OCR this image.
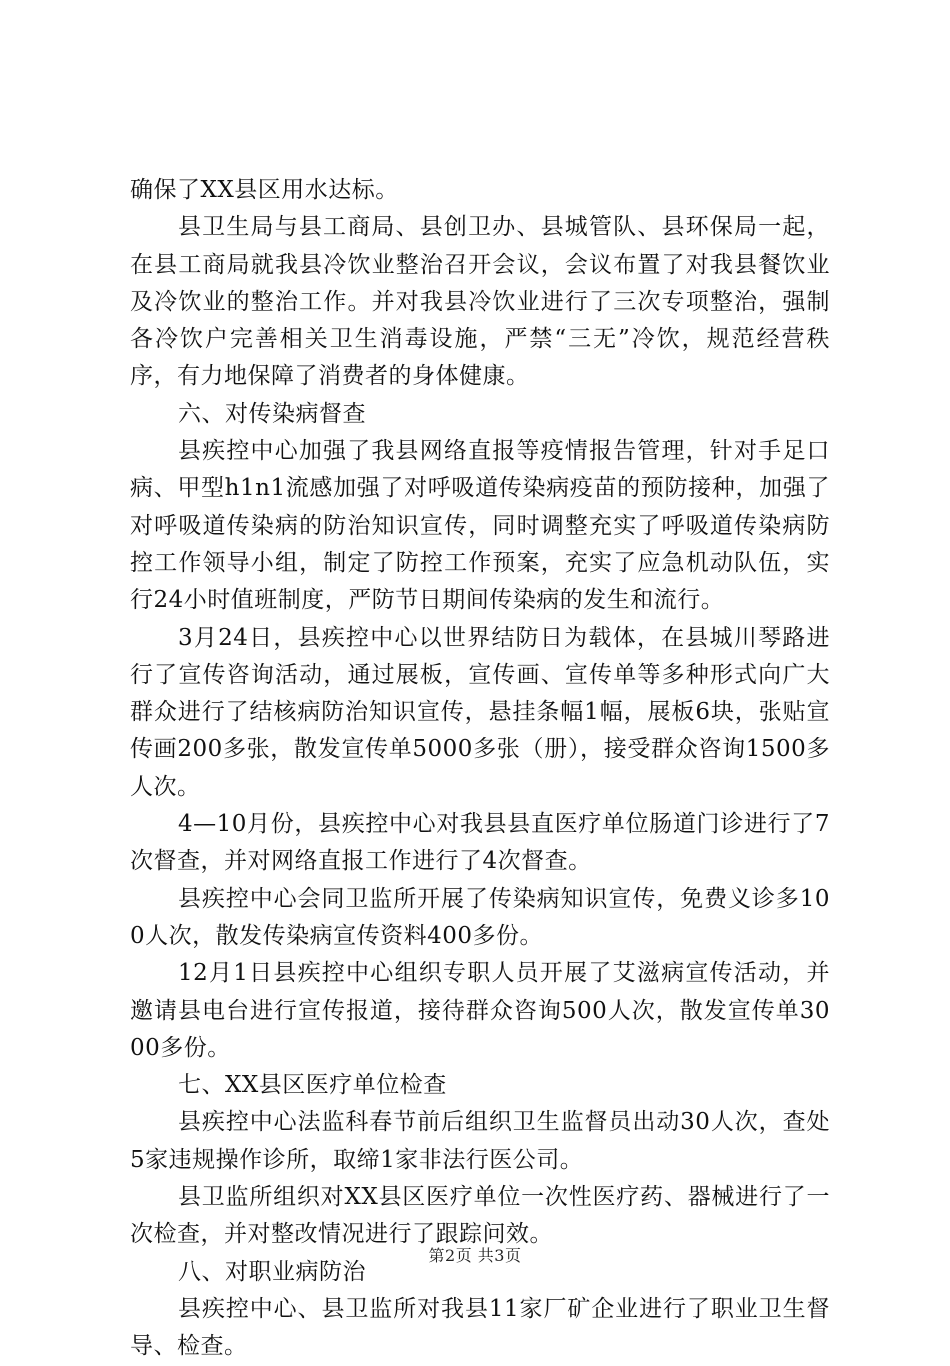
确保了XX县区用水达标。

县卫生局与县工商局、县创卫办、县城管队、县环保局一起，在县工商局就我县冷饮业整治召开会议，会议布置了对我县餐饮业及冷饮业的整治工作。并对我县冷饮业进行了三次专项整治，强制各冷饮户完善相关卫生消毒设施，严禁“三无”冷饮，规范经营秩序，有力地保障了消费者的身体健康。

六、对传染病督查

县疾控中心加强了我县网络直报等疫情报告管理，针对手足口病、甲型h1n1流感加强了对呼吸道传染病疫苗的预防接种，加强了对呼吸道传染病的防治知识宣传，同时调整充实了呼吸道传染病防控工作领导小组，制定了防控工作预案，充实了应急机动队伍，实行24小时值班制度，严防节日期间传染病的发生和流行。

3月24日，县疾控中心以世界结防日为载体，在县城川琴路进行了宣传咨询活动，通过展板，宣传画、宣传单等多种形式向广大群众进行了结核病防治知识宣传，悬挂条幅1幅，展板6块，张贴宣传画200多张，散发宣传单5000多张（册），接受群众咨询1500多人次。

4—10月份，县疾控中心对我县县直医疗单位肠道门诊进行了7次督查，并对网络直报工作进行了4次督查。

县疾控中心会同卫监所开展了传染病知识宣传，免费义诊多100人次，散发传染病宣传资料400多份。

12月1日县疾控中心组织专职人员开展了艾滋病宣传活动，并邀请县电台进行宣传报道，接待群众咨询500人次，散发宣传单3000多份。

七、XX县区医疗单位检查

县疾控中心法监科春节前后组织卫生监督员出动30人次，查处5家违规操作诊所，取缔1家非法行医公司。

县卫监所组织对XX县区医疗单位一次性医疗药、器械进行了一次检查，并对整改情况进行了跟踪问效。

八、对职业病防治

县疾控中心、县卫监所对我县11家厂矿企业进行了职业卫生督导、检查。

第2页 共3页
